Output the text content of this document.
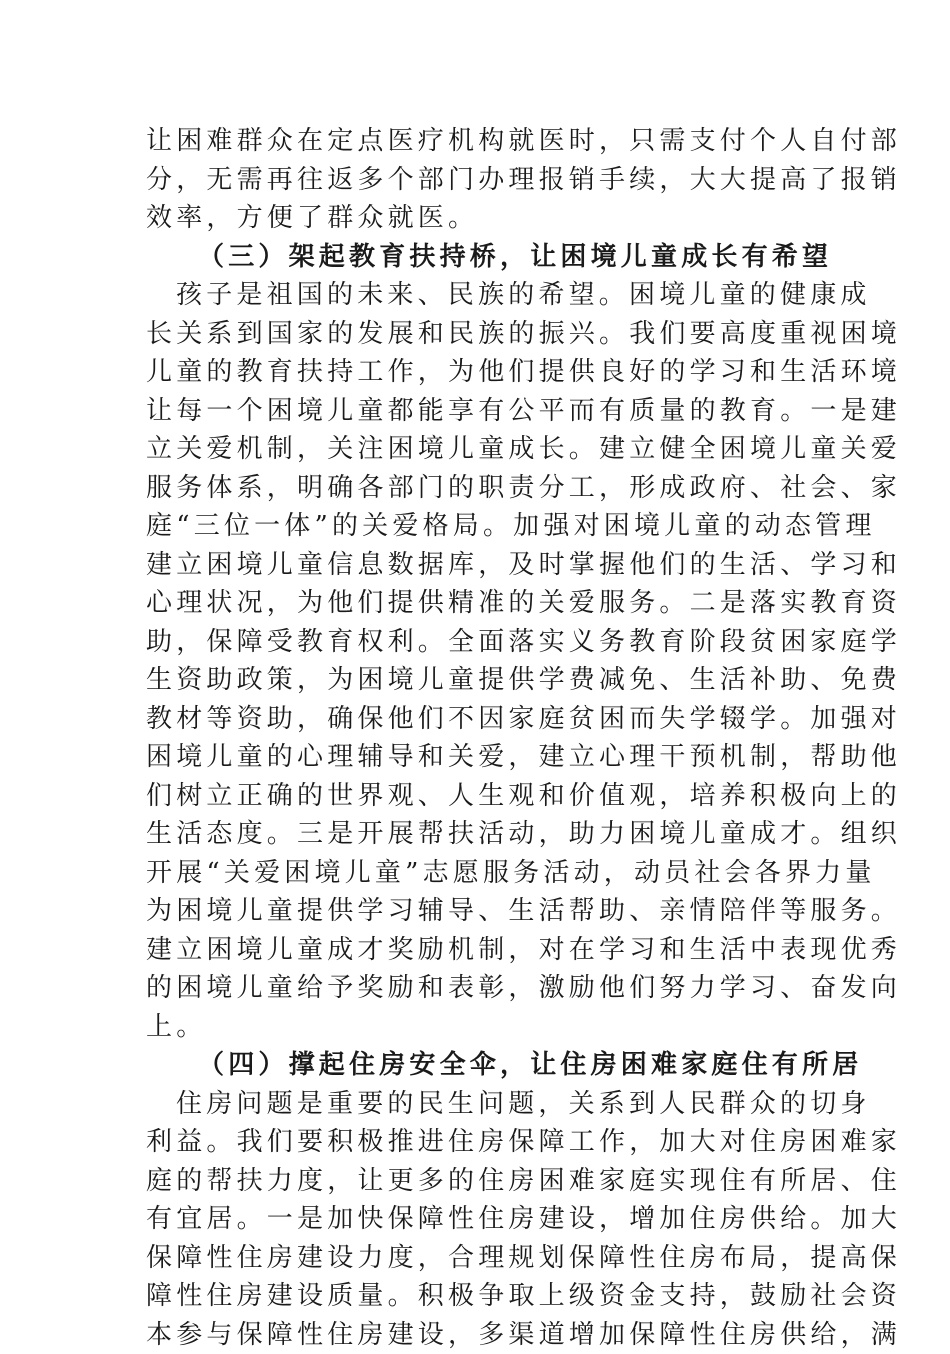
让困难群众在定点医疗机构就医时，只需支付个人自付部
分，无需再往返多个部门办理报销手续，大大提高了报销
效率，方便了群众就医。
（三）架起教育扶持桥，让困境儿童成长有希望
孩子是祖国的未来、民族的希望。困境儿童的健康成
长关系到国家的发展和民族的振兴。我们要高度重视困境
儿童的教育扶持工作，为他们提供良好的学习和生活环境
让每一个困境儿童都能享有公平而有质量的教育。一是建
立关爱机制，关注困境儿童成长。建立健全困境儿童关爱
服务体系，明确各部门的职责分工，形成政府、社会、家
庭“三位一体”的关爱格局。加强对困境儿童的动态管理
建立困境儿童信息数据库，及时掌握他们的生活、学习和
心理状况，为他们提供精准的关爱服务。二是落实教育资
助，保障受教育权利。全面落实义务教育阶段贫困家庭学
生资助政策，为困境儿童提供学费减免、生活补助、免费
教材等资助，确保他们不因家庭贫困而失学辍学。加强对
困境儿童的心理辅导和关爱，建立心理干预机制，帮助他
们树立正确的世界观、人生观和价值观，培养积极向上的
生活态度。三是开展帮扶活动，助力困境儿童成才。组织
开展“关爱困境儿童”志愿服务活动，动员社会各界力量
为困境儿童提供学习辅导、生活帮助、亲情陪伴等服务。
建立困境儿童成才奖励机制，对在学习和生活中表现优秀
的困境儿童给予奖励和表彰，激励他们努力学习、奋发向
上。
（四）撑起住房安全伞，让住房困难家庭住有所居
住房问题是重要的民生问题，关系到人民群众的切身
利益。我们要积极推进住房保障工作，加大对住房困难家
庭的帮扶力度，让更多的住房困难家庭实现住有所居、住
有宜居。一是加快保障性住房建设，增加住房供给。加大
保障性住房建设力度，合理规划保障性住房布局，提高保
障性住房建设质量。积极争取上级资金支持，鼓励社会资
本参与保障性住房建设，多渠道增加保障性住房供给，满
